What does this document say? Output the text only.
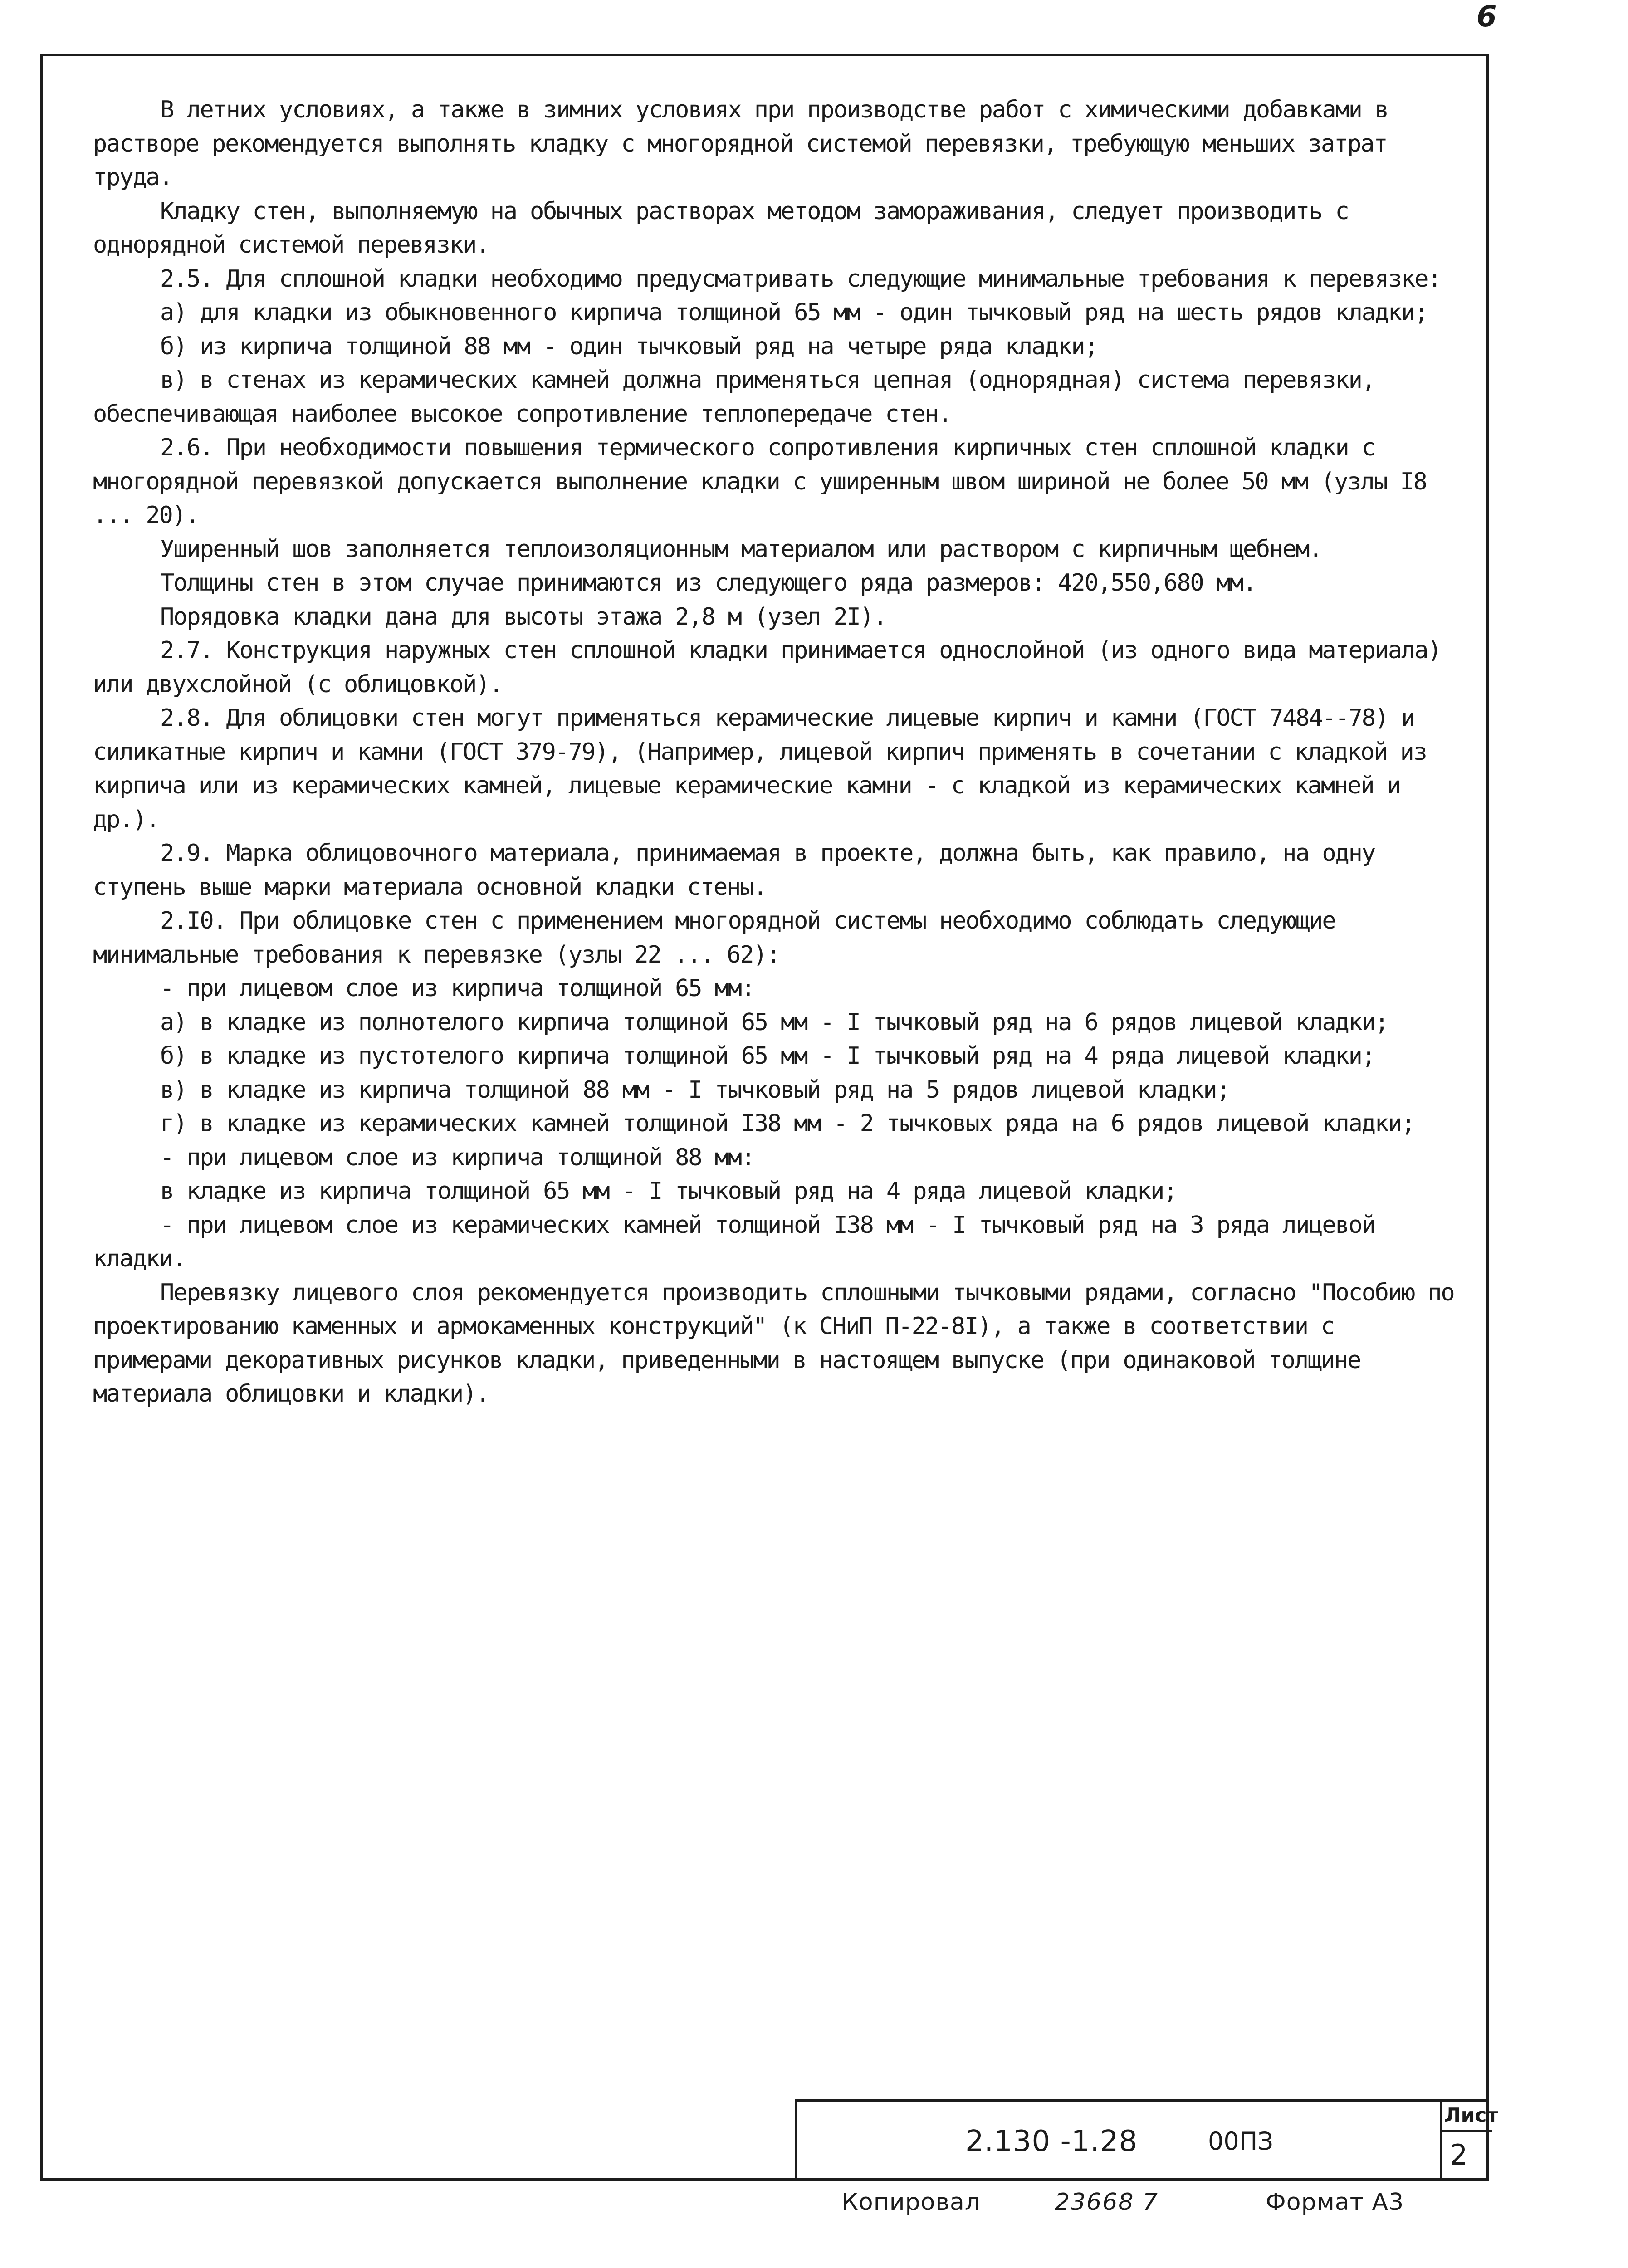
6

В летних условиях, а также в зимних условиях при производстве работ с химическими добавками в растворе рекомендуется выполнять кладку с многорядной системой перевязки, требующую меньших затрат труда.

Кладку стен, выполняемую на обычных растворах методом замораживания, следует производить с однорядной системой перевязки.

2.5. Для сплошной кладки необходимо предусматривать следующие минимальные требования к перевязке:

а) для кладки из обыкновенного кирпича толщиной 65 мм - один тычковый ряд на шесть рядов кладки;

б) из кирпича толщиной 88 мм - один тычковый ряд на четыре ряда кладки;

в) в стенах из керамических камней должна применяться цепная (однорядная) система перевязки, обеспечивающая наиболее высокое сопротивление теплопередаче стен.

2.6. При необходимости повышения термического сопротивления кирпичных стен сплошной кладки с многорядной перевязкой допускается выполнение кладки с уширенным швом шириной не более 50 мм (узлы I8 ... 20).

Уширенный шов заполняется теплоизоляционным материалом или раствором с кирпичным щебнем.

Толщины стен в этом случае принимаются из следующего ряда размеров: 420,550,680 мм.

Порядовка кладки дана для высоты этажа 2,8 м (узел 2I).

2.7. Конструкция наружных стен сплошной кладки принимается однослойной (из одного вида материала) или двухслойной (с облицовкой).

2.8. Для облицовки стен могут применяться керамические лицевые кирпич и камни (ГОСТ 7484--78) и силикатные кирпич и камни (ГОСТ 379-79), (Например, лицевой кирпич применять в сочетании с кладкой из кирпича или из керамических камней, лицевые керамические камни - с кладкой из керамических камней и др.).

2.9. Марка облицовочного материала, принимаемая в проекте, должна быть, как правило, на одну ступень выше марки материала основной кладки стены.

2.I0. При облицовке стен с применением многорядной системы необходимо соблюдать следующие минимальные требования к перевязке (узлы 22 ... 62):

- при лицевом слое из кирпича толщиной 65 мм:

а) в кладке из полнотелого кирпича толщиной 65 мм - I тычковый ряд на 6 рядов лицевой кладки;

б) в кладке из пустотелого кирпича толщиной 65 мм - I тычковый ряд на 4 ряда лицевой кладки;

в) в кладке из кирпича толщиной 88 мм - I тычковый ряд на 5 рядов лицевой кладки;

г) в кладке из керамических камней толщиной I38 мм - 2 тычковых ряда на 6 рядов лицевой кладки;

- при лицевом слое из кирпича толщиной 88 мм:

в кладке из кирпича толщиной 65 мм - I тычковый ряд на 4 ряда лицевой кладки;

- при лицевом слое из керамических камней толщиной I38 мм - I тычковый ряд на 3 ряда лицевой кладки.

Перевязку лицевого слоя рекомендуется производить сплошными тычковыми рядами, согласно "Пособию по проектированию каменных и армокаменных конструкций" (к СНиП П-22-8I), а также в соответствии с примерами декоративных рисунков кладки, приведенными в настоящем выпуске (при одинаковой толщине материала облицовки и кладки).

2.130 -1.28	00ПЗ
Лист
2
Копировал	23668 7	Формат А3
